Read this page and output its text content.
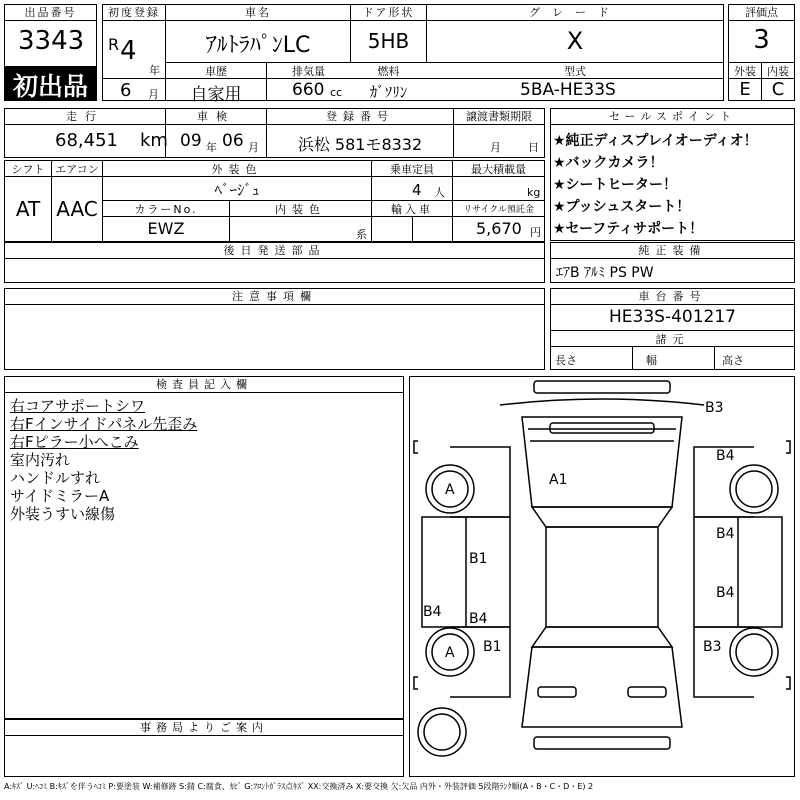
出品番号
3343
初出品
初度登録
R 4
年
6 月
車名
ｱﾙﾄﾗﾊﾟﾝLC
ドア形状
5HB
グレード
X
車歴
自家用
排気量
660 cc
燃料
ｶﾞｿﾘﾝ
型式
5BA-HE33S
評価点
3
外装	内装
E	C
走行
68,451 km
車検
09 年 06 月
登録番号
浜松 581モ8332
譲渡書類期限
月 日
シフト
AT
エアコン
AAC
外装色
ﾍﾞｰｼﾞｭ
乗車定員
4 人
最大積載量
kg
カラーNo.
EWZ
内装色
系
輸入車	リサイクル預託金
5,670 円
後日発送部品
セールスポイント
★純正ディスプレイオーディオ！
★バックカメラ！
★シートヒーター！
★プッシュスタート！
★セーフティサポート！
純正装備
ｴｱB ｱﾙﾐ PS PW
注意事項欄	車台番号
HE33S-401217
諸元
長さ	幅	高さ
検査員記入欄
右コアサポートシワ
右Fインサイドパネル先歪み
右Fピラー小へこみ
室内汚れ
ハンドルすれ
サイドミラーA
外装うすい線傷
事務局よりご案内
B3
B4
A1
B4
B1
B4
B4
B4
B1	B3
A
A
A:ｷｽﾞ U:ﾍｺﾐ B:ｷｽﾞを伴うﾍｺﾐ P:要塗装 W:補修跡 S:錆 C:腐食、ｶﾋﾞ G:ﾌﾛﾝﾄｶﾞﾗｽ点ｷｽﾞ XX:交換済み X:要交換 欠:欠品 内外・外装評価 5段階ﾗﾝｸ順(A・B・C・D・E) 2
